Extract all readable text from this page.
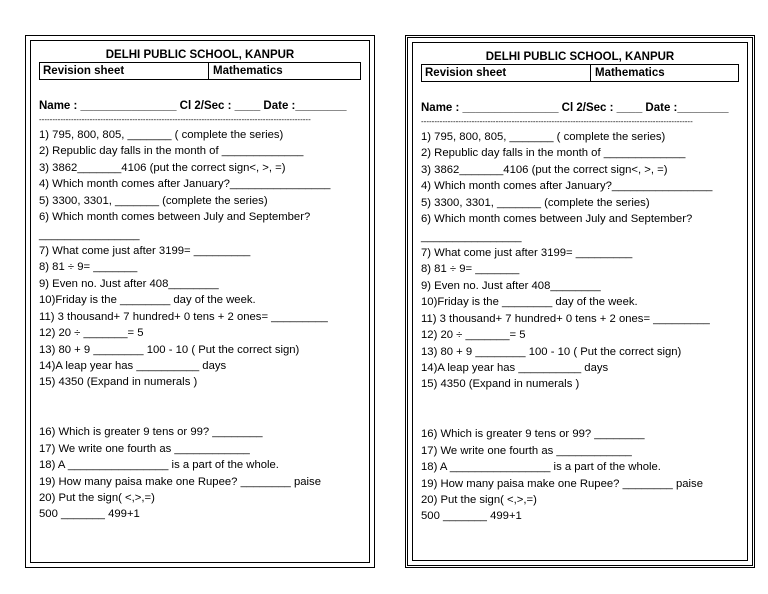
DELHI PUBLIC SCHOOL, KANPUR
Revision sheet	Mathematics
Name : _______________ Cl 2/Sec : ____ Date :________
------------------------------------------------------------------------------------------------------
1) 795, 800, 805, _______ ( complete the series)
2) Republic day falls in the month of _____________
3) 3862_______4106 (put the correct sign<, >, =)
4) Which month comes after January?________________
5) 3300, 3301, _______ (complete the series)
6) Which month comes between July and September?
________________
7) What come just after 3199= _________
8) 81 ÷ 9= _______
9) Even no. Just after 408________
10)Friday is the ________ day of the week.
11) 3 thousand+ 7 hundred+ 0 tens + 2 ones= _________
12) 20 ÷ _______= 5
13) 80 + 9 ________ 100 - 10 ( Put the correct sign)
14)A leap year has __________ days
15) 4350 (Expand in numerals )
16) Which is greater 9 tens or 99? ________
17) We write one fourth as ____________
18) A ________________ is a part of the whole.
19) How many paisa make one Rupee? ________ paise
20) Put the sign( <,>,=)
500 _______ 499+1
DELHI PUBLIC SCHOOL, KANPUR
Revision sheet	Mathematics
Name : _______________ Cl 2/Sec : ____ Date :________
------------------------------------------------------------------------------------------------------
1) 795, 800, 805, _______ ( complete the series)
2) Republic day falls in the month of _____________
3) 3862_______4106 (put the correct sign<, >, =)
4) Which month comes after January?________________
5) 3300, 3301, _______ (complete the series)
6) Which month comes between July and September?
________________
7) What come just after 3199= _________
8) 81 ÷ 9= _______
9) Even no. Just after 408________
10)Friday is the ________ day of the week.
11) 3 thousand+ 7 hundred+ 0 tens + 2 ones= _________
12) 20 ÷ _______= 5
13) 80 + 9 ________ 100 - 10 ( Put the correct sign)
14)A leap year has __________ days
15) 4350 (Expand in numerals )
16) Which is greater 9 tens or 99? ________
17) We write one fourth as ____________
18) A ________________ is a part of the whole.
19) How many paisa make one Rupee? ________ paise
20) Put the sign( <,>,=)
500 _______ 499+1
